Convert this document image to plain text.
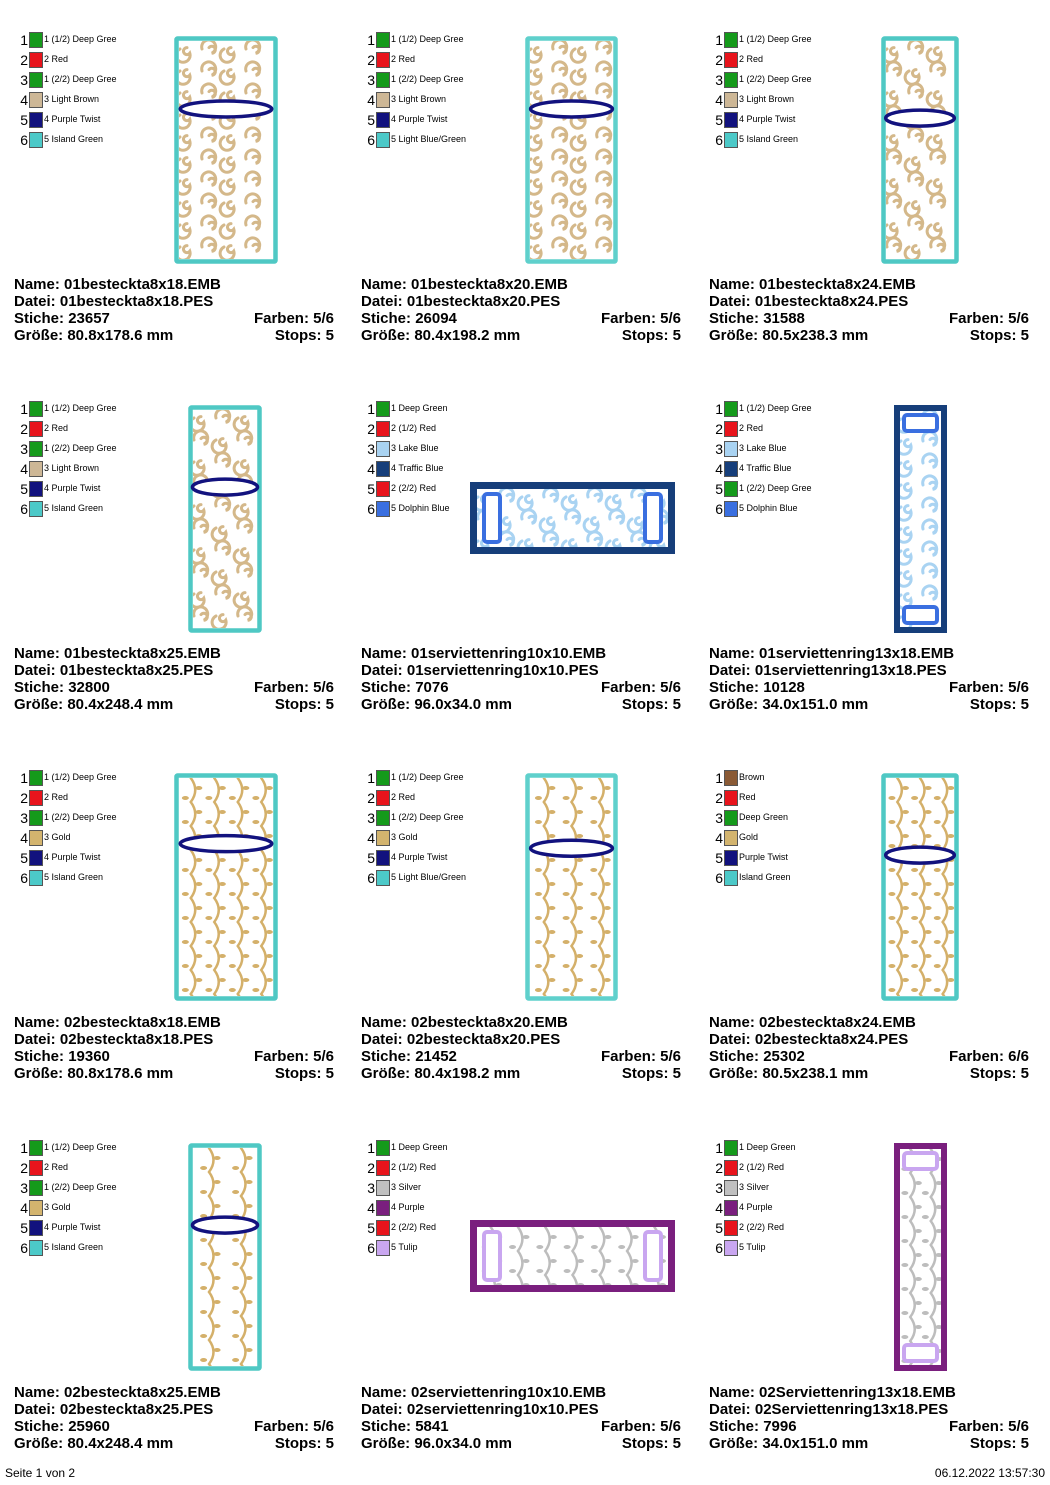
1 1 (1/2) Deep Gree
2 2 Red
3 1 (2/2) Deep Gree
4 3 Light Brown
5 4 Purple Twist
6 5 Island Green
Name: 01besteckta8x18.EMB
Datei: 01besteckta8x18.PES
Stiche: 23657	Farben: 5/6
Größe: 80.8x178.6 mm	Stops: 5
1 1 (1/2) Deep Gree
2 2 Red
3 1 (2/2) Deep Gree
4 3 Light Brown
5 4 Purple Twist
6 5 Light Blue/Green
Name: 01besteckta8x20.EMB
Datei: 01besteckta8x20.PES
Stiche: 26094	Farben: 5/6
Größe: 80.4x198.2 mm	Stops: 5
1 1 (1/2) Deep Gree
2 2 Red
3 1 (2/2) Deep Gree
4 3 Light Brown
5 4 Purple Twist
6 5 Island Green
Name: 01besteckta8x24.EMB
Datei: 01besteckta8x24.PES
Stiche: 31588	Farben: 5/6
Größe: 80.5x238.3 mm	Stops: 5
1 1 (1/2) Deep Gree
2 2 Red
3 1 (2/2) Deep Gree
4 3 Light Brown
5 4 Purple Twist
6 5 Island Green
Name: 01besteckta8x25.EMB
Datei: 01besteckta8x25.PES
Stiche: 32800	Farben: 5/6
Größe: 80.4x248.4 mm	Stops: 5
1 1 Deep Green
2 2 (1/2) Red
3 3 Lake Blue
4 4 Traffic Blue
5 2 (2/2) Red
6 5 Dolphin Blue
Name: 01serviettenring10x10.EMB
Datei: 01serviettenring10x10.PES
Stiche: 7076	Farben: 5/6
Größe: 96.0x34.0 mm	Stops: 5
1 1 (1/2) Deep Gree
2 2 Red
3 3 Lake Blue
4 4 Traffic Blue
5 1 (2/2) Deep Gree
6 5 Dolphin Blue
Name: 01serviettenring13x18.EMB
Datei: 01serviettenring13x18.PES
Stiche: 10128	Farben: 5/6
Größe: 34.0x151.0 mm	Stops: 5
1 1 (1/2) Deep Gree
2 2 Red
3 1 (2/2) Deep Gree
4 3 Gold
5 4 Purple Twist
6 5 Island Green
Name: 02besteckta8x18.EMB
Datei: 02besteckta8x18.PES
Stiche: 19360	Farben: 5/6
Größe: 80.8x178.6 mm	Stops: 5
1 1 (1/2) Deep Gree
2 2 Red
3 1 (2/2) Deep Gree
4 3 Gold
5 4 Purple Twist
6 5 Light Blue/Green
Name: 02besteckta8x20.EMB
Datei: 02besteckta8x20.PES
Stiche: 21452	Farben: 5/6
Größe: 80.4x198.2 mm	Stops: 5
1 Brown
2 Red
3 Deep Green
4 Gold
5 Purple Twist
6 Island Green
Name: 02besteckta8x24.EMB
Datei: 02besteckta8x24.PES
Stiche: 25302	Farben: 6/6
Größe: 80.5x238.1 mm	Stops: 5
1 1 (1/2) Deep Gree
2 2 Red
3 1 (2/2) Deep Gree
4 3 Gold
5 4 Purple Twist
6 5 Island Green
Name: 02besteckta8x25.EMB
Datei: 02besteckta8x25.PES
Stiche: 25960	Farben: 5/6
Größe: 80.4x248.4 mm	Stops: 5
1 1 Deep Green
2 2 (1/2) Red
3 3 Silver
4 4 Purple
5 2 (2/2) Red
6 5 Tulip
Name: 02serviettenring10x10.EMB
Datei: 02serviettenring10x10.PES
Stiche: 5841	Farben: 5/6
Größe: 96.0x34.0 mm	Stops: 5
1 1 Deep Green
2 2 (1/2) Red
3 3 Silver
4 4 Purple
5 2 (2/2) Red
6 5 Tulip
Name: 02Serviettenring13x18.EMB
Datei: 02Serviettenring13x18.PES
Stiche: 7996	Farben: 5/6
Größe: 34.0x151.0 mm	Stops: 5
Seite 1 von 2	06.12.2022 13:57:30
